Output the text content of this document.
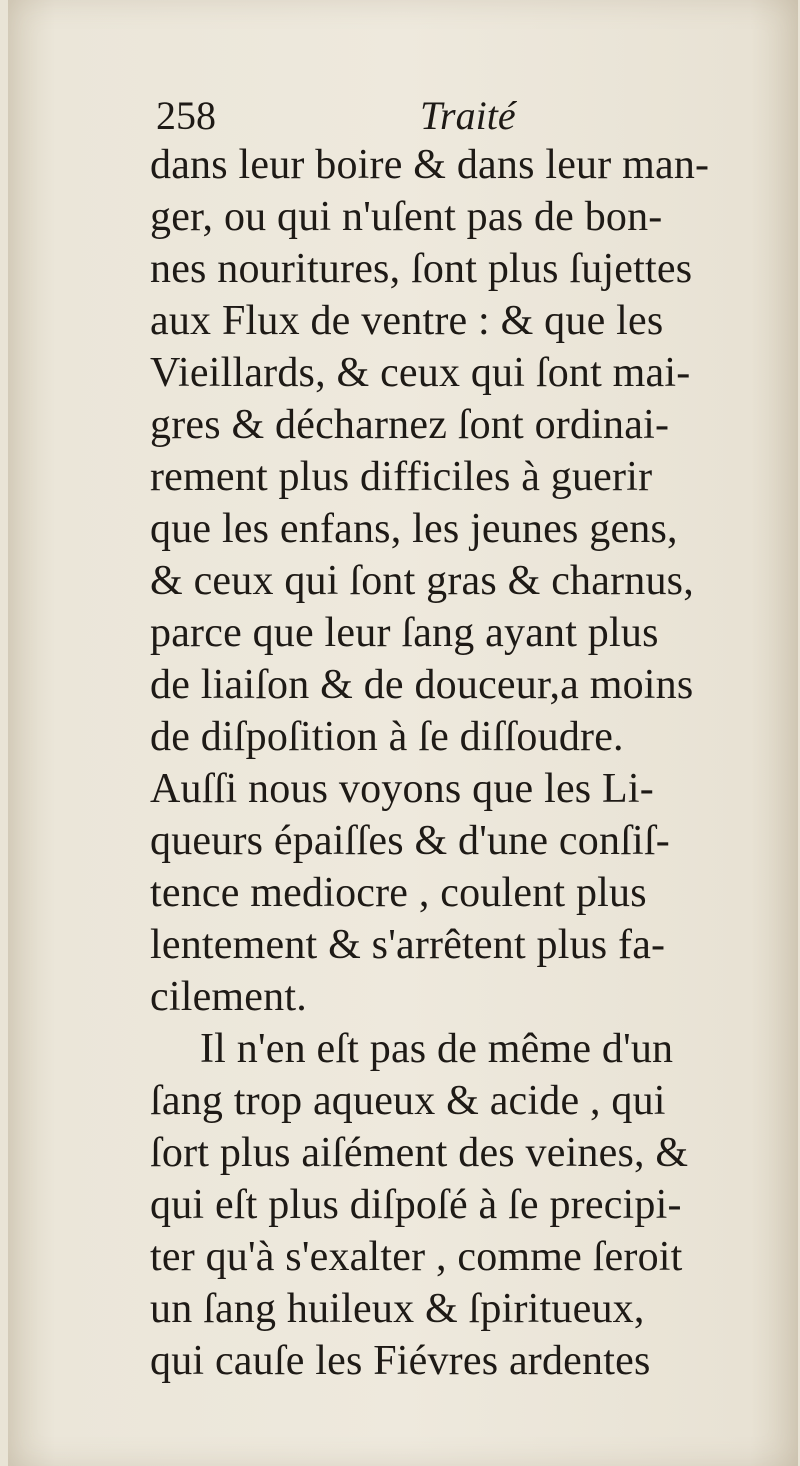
258	Traité
dans leur boire & dans leur man-
ger, ou qui n'uſent pas de bon-
nes nouritures, ſont plus ſujettes
aux Flux de ventre : & que les
Vieillards, & ceux qui ſont mai-
gres & décharnez ſont ordinai-
rement plus difficiles à guerir
que les enfans, les jeunes gens,
& ceux qui ſont gras & charnus,
parce que leur ſang ayant plus
de liaiſon & de douceur,a moins
de diſpoſition à ſe diſſoudre.
Auſſi nous voyons que les Li-
queurs épaiſſes & d'une conſiſ-
tence mediocre , coulent plus
lentement & s'arrêtent plus fa-
cilement.
Il n'en eſt pas de même d'un
ſang trop aqueux & acide , qui
ſort plus aiſément des veines, &
qui eſt plus diſpoſé à ſe precipi-
ter qu'à s'exalter , comme ſeroit
un ſang huileux & ſpiritueux,
qui cauſe les Fiévres ardentes
